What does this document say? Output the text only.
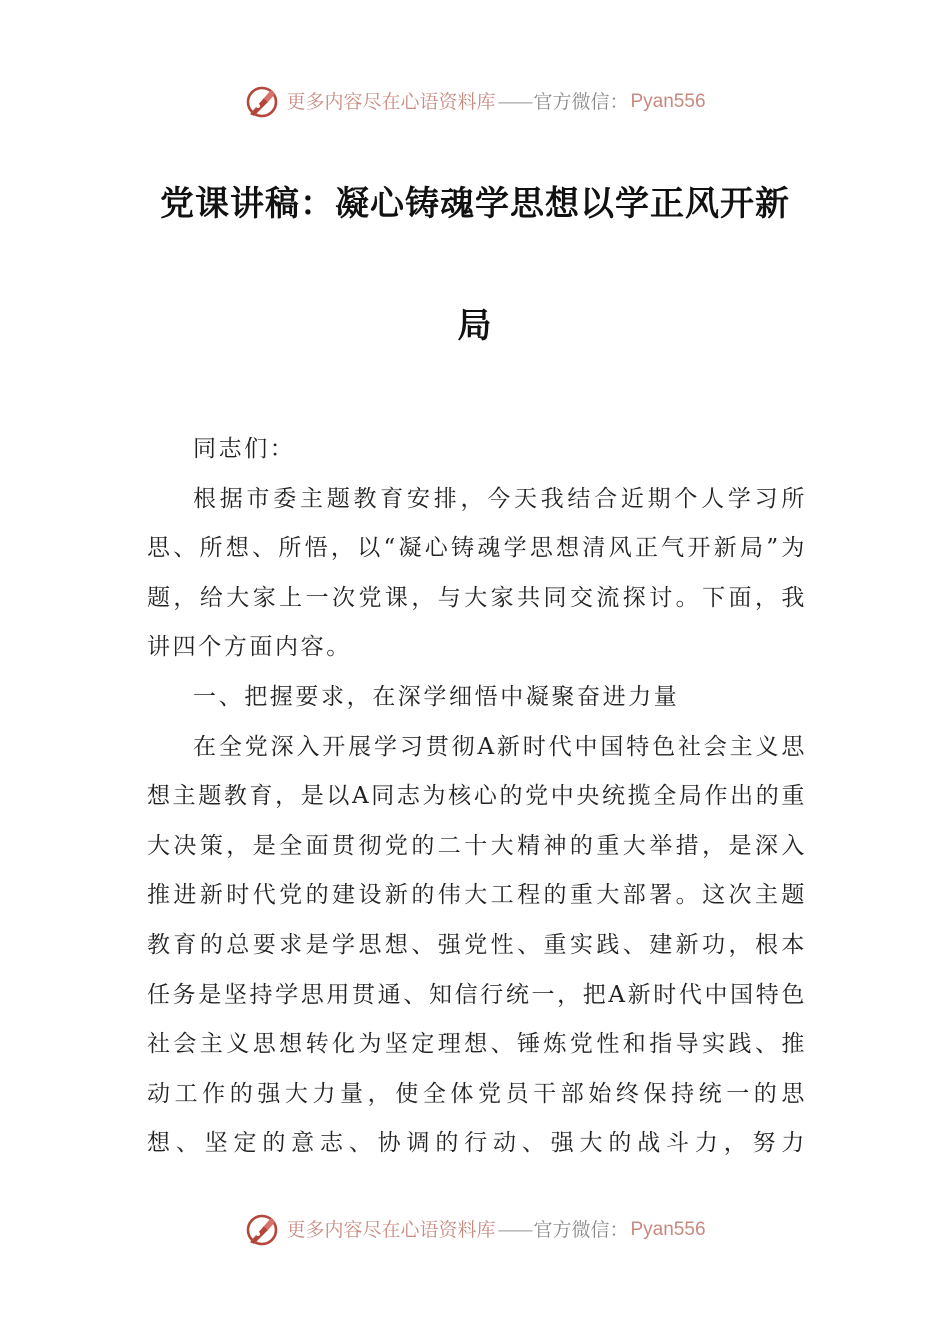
更多内容尽在心语资料库 —— 官方微信： Pyan556
党课讲稿：凝心铸魂学思想以学正风开新
局

同志们：

根据市委主题教育安排，今天我结合近期个人学习所思、所想、所悟，以“凝心铸魂学思想清风正气开新局”为题，给大家上一次党课，与大家共同交流探讨。下面，我讲四个方面内容。

一、把握要求，在深学细悟中凝聚奋进力量

在全党深入开展学习贯彻A新时代中国特色社会主义思想主题教育，是以A同志为核心的党中央统揽全局作出的重大决策，是全面贯彻党的二十大精神的重大举措，是深入推进新时代党的建设新的伟大工程的重大部署。这次主题教育的总要求是学思想、强党性、重实践、建新功，根本任务是坚持学思用贯通、知信行统一，把A新时代中国特色社会主义思想转化为坚定理想、锤炼党性和指导实践、推动工作的强大力量，使全体党员干部始终保持统一的思想、坚定的意志、协调的行动、强大的战斗力，努力

更多内容尽在心语资料库 —— 官方微信： Pyan556
